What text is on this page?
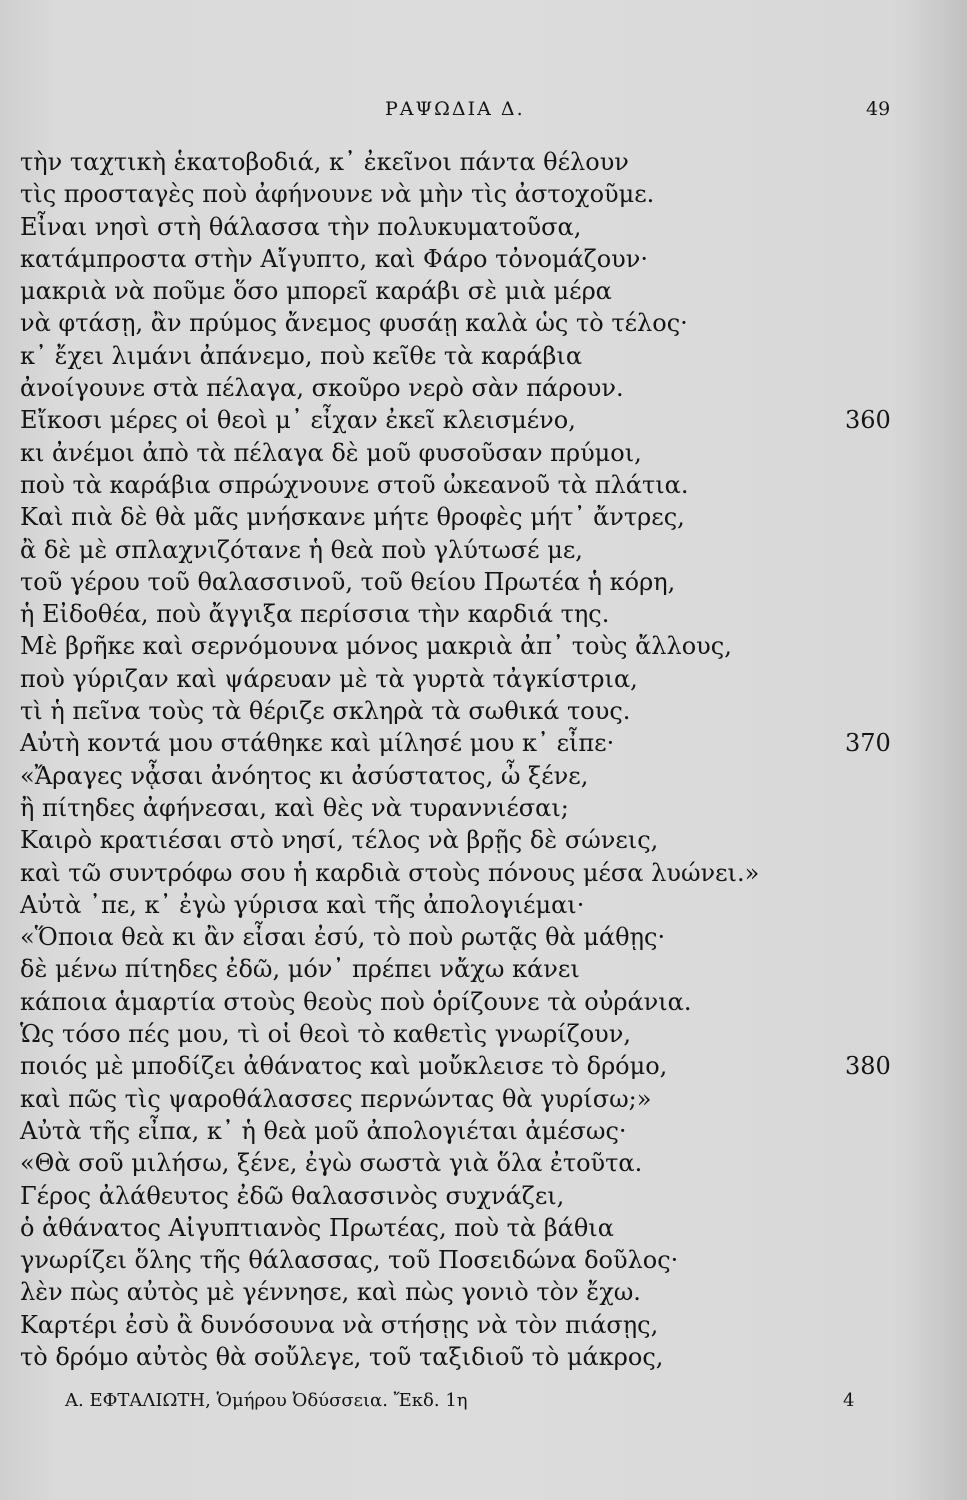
ΡΑΨΩΔΙΑ Δ.	49
τὴν ταχτικὴ ἑκατοβοδιά, κ᾽ ἐκεῖνοι πάντα θέλουν
τὶς προσταγὲς ποὺ ἀφήνουνε νὰ μὴν τὶς ἀστοχοῦμε.
Εἶναι νησὶ στὴ θάλασσα τὴν πολυκυματοῦσα,
κατάμπροστα στὴν Αἴγυπτο, καὶ Φάρο τὀνομάζουν·
μακριὰ νὰ ποῦμε ὅσο μπορεῖ καράβι σὲ μιὰ μέρα
νὰ φτάσῃ, ἂν πρύμος ἄνεμος φυσάῃ καλὰ ὡς τὸ τέλος·
κ᾽ ἔχει λιμάνι ἀπάνεμο, ποὺ κεῖθε τὰ καράβια
ἀνοίγουνε στὰ πέλαγα, σκοῦρο νερὸ σὰν πάρουν.
Εἴκοσι μέρες οἱ θεοὶ μ᾽ εἶχαν ἐκεῖ κλεισμένο,	360
κι ἀνέμοι ἀπὸ τὰ πέλαγα δὲ μοῦ φυσοῦσαν πρύμοι,
ποὺ τὰ καράβια σπρώχνουνε στοῦ ὠκεανοῦ τὰ πλάτια.
Καὶ πιὰ δὲ θὰ μᾶς μνήσκανε μήτε θροφὲς μήτ᾽ ἄντρες,
ἂ δὲ μὲ σπλαχνιζότανε ἡ θεὰ ποὺ γλύτωσέ με,
τοῦ γέρου τοῦ θαλασσινοῦ, τοῦ θείου Πρωτέα ἡ κόρη,
ἡ Εἰδοθέα, ποὺ ἄγγιξα περίσσια τὴν καρδιά της.
Μὲ βρῆκε καὶ σερνόμουνα μόνος μακριὰ ἀπ᾽ τοὺς ἄλλους,
ποὺ γύριζαν καὶ ψάρευαν μὲ τὰ γυρτὰ τἀγκίστρια,
τὶ ἡ πεῖνα τοὺς τὰ θέριζε σκληρὰ τὰ σωθικά τους.
Αὐτὴ κοντά μου στάθηκε καὶ μίλησέ μου κ᾽ εἶπε·	370
«Ἄραγες νᾆσαι ἀνόητος κι ἀσύστατος, ὦ ξένε,
ἢ πίτηδες ἀφήνεσαι, καὶ θὲς νὰ τυραννιέσαι;
Καιρὸ κρατιέσαι στὸ νησί, τέλος νὰ βρῇς δὲ σώνεις,
καὶ τῶ συντρόφω σου ἡ καρδιὰ στοὺς πόνους μέσα λυώνει.»
Αὐτὰ ᾽πε, κ᾽ ἐγὼ γύρισα καὶ τῆς ἀπολογιέμαι·
«Ὅποια θεὰ κι ἂν εἶσαι ἐσύ, τὸ ποὺ ρωτᾷς θὰ μάθῃς·
δὲ μένω πίτηδες ἐδῶ, μόν᾽ πρέπει νἄχω κάνει
κάποια ἁμαρτία στοὺς θεοὺς ποὺ ὁρίζουνε τὰ οὐράνια.
Ὡς τόσο πές μου, τὶ οἱ θεοὶ τὸ καθετὶς γνωρίζουν,
ποιός μὲ μποδίζει ἀθάνατος καὶ μοὔκλεισε τὸ δρόμο,	380
καὶ πῶς τὶς ψαροθάλασσες περνώντας θὰ γυρίσω;»
Αὐτὰ τῆς εἶπα, κ᾽ ἡ θεὰ μοῦ ἀπολογιέται ἀμέσως·
«Θὰ σοῦ μιλήσω, ξένε, ἐγὼ σωστὰ γιὰ ὅλα ἐτοῦτα.
Γέρος ἀλάθευτος ἐδῶ θαλασσινὸς συχνάζει,
ὁ ἀθάνατος Αἰγυπτιανὸς Πρωτέας, ποὺ τὰ βάθια
γνωρίζει ὅλης τῆς θάλασσας, τοῦ Ποσειδώνα δοῦλος·
λὲν πὼς αὐτὸς μὲ γέννησε, καὶ πὼς γονιὸ τὸν ἔχω.
Καρτέρι ἐσὺ ἂ δυνόσουνα νὰ στήσῃς νὰ τὸν πιάσῃς,
τὸ δρόμο αὐτὸς θὰ σοὔλεγε, τοῦ ταξιδιοῦ τὸ μάκρος,
Α. ΕΦΤΑΛΙΩΤΗ, Ὁμήρου Ὀδύσσεια. Ἔκδ. 1η	4
